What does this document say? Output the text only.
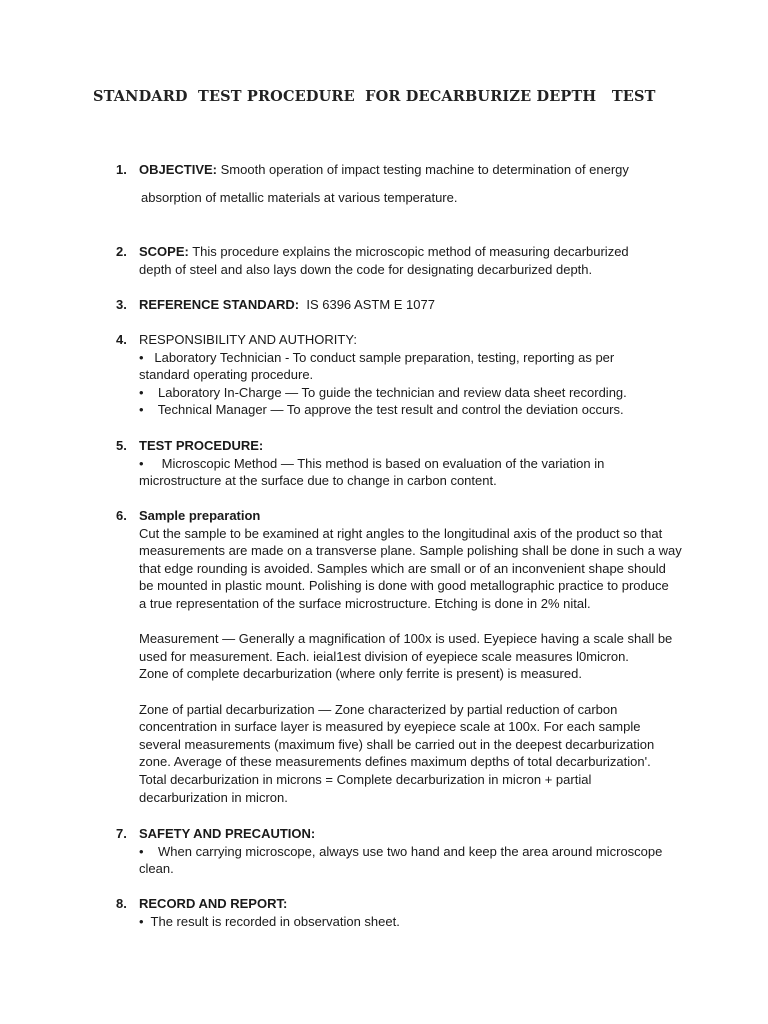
STANDARD  TEST PROCEDURE  FOR DECARBURIZE DEPTH   TEST
1. OBJECTIVE: Smooth operation of impact testing machine to determination of energy
absorption of metallic materials at various temperature.
2. SCOPE: This procedure explains the microscopic method of measuring decarburized
depth of steel and also lays down the code for designating decarburized depth.
3. REFERENCE STANDARD:  IS 6396 ASTM E 1077
4. RESPONSIBILITY AND AUTHORITY:
•   Laboratory Technician - To conduct sample preparation, testing, reporting as per
standard operating procedure.
•    Laboratory In-Charge — To guide the technician and review data sheet recording.
•    Technical Manager — To approve the test result and control the deviation occurs.
5. TEST PROCEDURE:
•     Microscopic Method — This method is based on evaluation of the variation in
microstructure at the surface due to change in carbon content.
6. Sample preparation
Cut the sample to be examined at right angles to the longitudinal axis of the product so that
measurements are made on a transverse plane. Sample polishing shall be done in such a way
that edge rounding is avoided. Samples which are small or of an inconvenient shape should
be mounted in plastic mount. Polishing is done with good metallographic practice to produce
a true representation of the surface microstructure. Etching is done in 2% nital.
Measurement — Generally a magnification of 100x is used. Eyepiece having a scale shall be
used for measurement. Each. ieial1est division of eyepiece scale measures l0micron.
Zone of complete decarburization (where only ferrite is present) is measured.
Zone of partial decarburization — Zone characterized by partial reduction of carbon
concentration in surface layer is measured by eyepiece scale at 100x. For each sample
several measurements (maximum five) shall be carried out in the deepest decarburization
zone. Average of these measurements defines maximum depths of total decarburization'.
Total decarburization in microns = Complete decarburization in micron + partial
decarburization in micron.
7. SAFETY AND PRECAUTION:
•    When carrying microscope, always use two hand and keep the area around microscope
clean.
8. RECORD AND REPORT:
•  The result is recorded in observation sheet.
